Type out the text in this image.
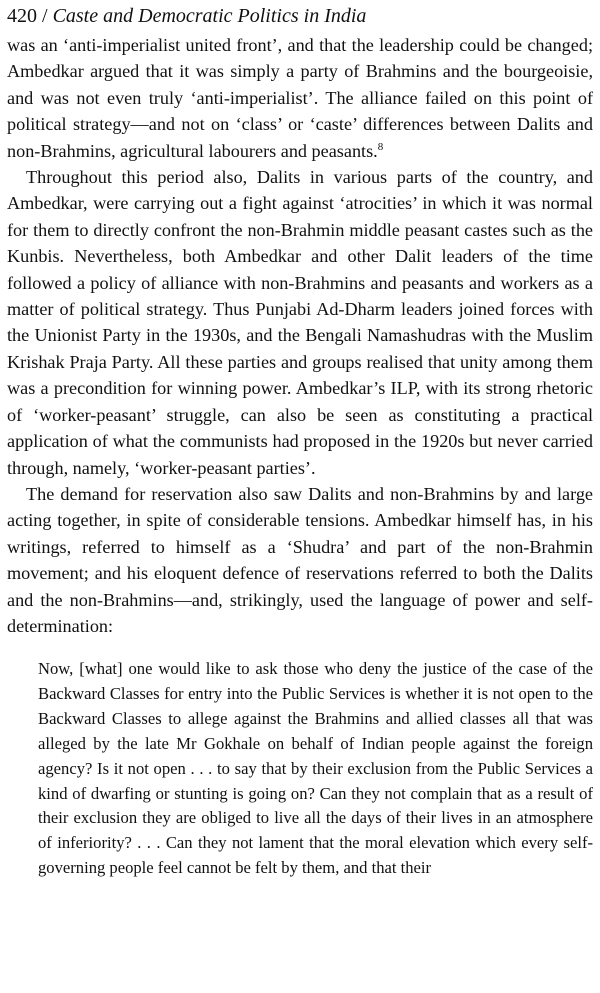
420 / Caste and Democratic Politics in India

was an ‘anti-imperialist united front’, and that the leadership could be changed; Ambedkar argued that it was simply a party of Brahmins and the bourgeoisie, and was not even truly ‘anti-imperialist’. The alliance failed on this point of political strategy—and not on ‘class’ or ‘caste’ differences between Dalits and non-Brahmins, agricultural labourers and peasants.$^8$

Throughout this period also, Dalits in various parts of the country, and Ambedkar, were carrying out a fight against ‘atrocities’ in which it was normal for them to directly confront the non-Brahmin middle peasant castes such as the Kunbis. Nevertheless, both Ambedkar and other Dalit leaders of the time followed a policy of alliance with non-Brahmins and peasants and workers as a matter of political strategy. Thus Punjabi Ad-Dharm leaders joined forces with the Unionist Party in the 1930s, and the Bengali Namashudras with the Muslim Krishak Praja Party. All these parties and groups realised that unity among them was a precondition for winning power. Ambedkar’s ILP, with its strong rhetoric of ‘worker-peasant’ struggle, can also be seen as constituting a practical application of what the communists had proposed in the 1920s but never carried through, namely, ‘worker-peasant parties’.

The demand for reservation also saw Dalits and non-Brahmins by and large acting together, in spite of considerable tensions. Ambedkar himself has, in his writings, referred to himself as a ‘Shudra’ and part of the non-Brahmin movement; and his eloquent defence of reservations referred to both the Dalits and the non-Brahmins—and, strikingly, used the language of power and self-determination:

Now, [what] one would like to ask those who deny the justice of the case of the Backward Classes for entry into the Public Services is whether it is not open to the Backward Classes to allege against the Brahmins and allied classes all that was alleged by the late Mr Gokhale on behalf of Indian people against the foreign agency? Is it not open . . . to say that by their exclusion from the Public Services a kind of dwarfing or stunting is going on? Can they not complain that as a result of their exclusion they are obliged to live all the days of their lives in an atmosphere of inferiority? . . . Can they not lament that the moral elevation which every self-governing people feel cannot be felt by them, and that their
